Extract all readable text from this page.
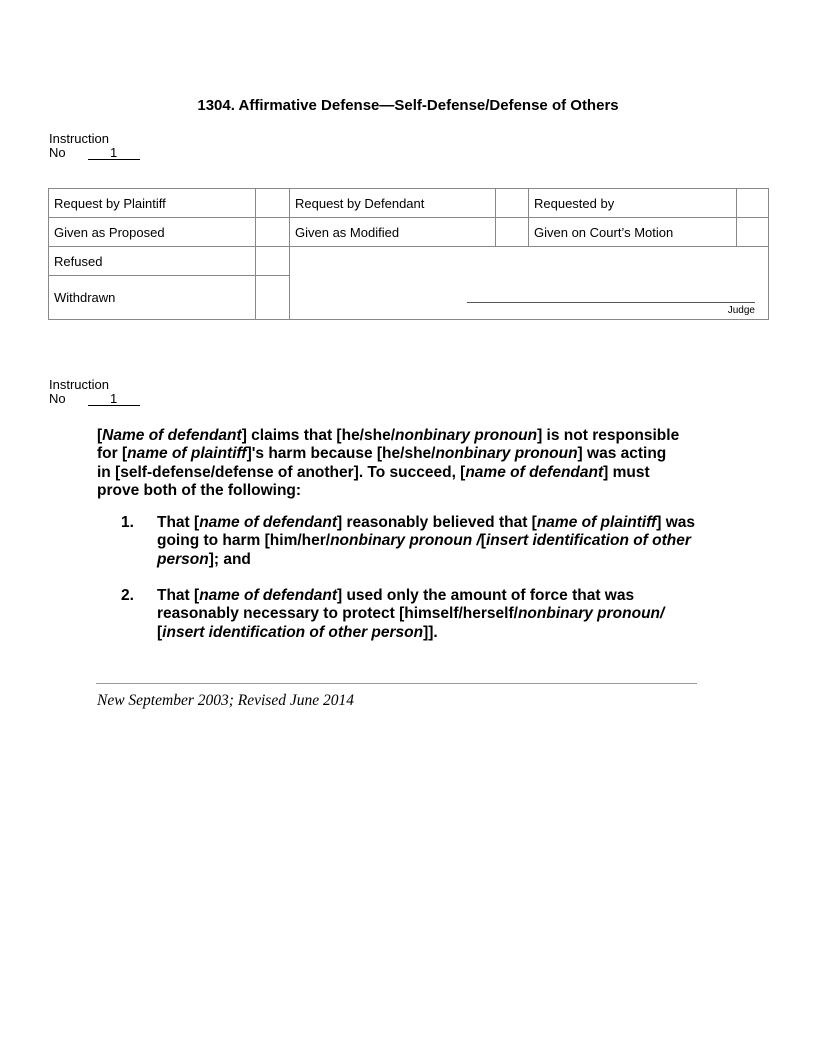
1304. Affirmative Defense—Self-Defense/Defense of Others
Instruction
No	1
Request by Plaintiff		Request by Defendant		Requested by	
Given as Proposed		Given as Modified		Given on Court’s Motion	
Refused		Judge			

Withdrawn					
Instruction
No	1
[Name of defendant] claims that [he/she/nonbinary pronoun] is not responsible
for [name of plaintiff]'s harm because [he/she/nonbinary pronoun] was acting
in [self-defense/defense of another]. To succeed, [name of defendant] must
prove both of the following:
1. That [name of defendant] reasonably believed that [name of plaintiff] was
going to harm [him/her/nonbinary pronoun /[insert identification of other
person]; and
2. That [name of defendant] used only the amount of force that was
reasonably necessary to protect [himself/herself/nonbinary pronoun/
[insert identification of other person]].
New September 2003; Revised June 2014
